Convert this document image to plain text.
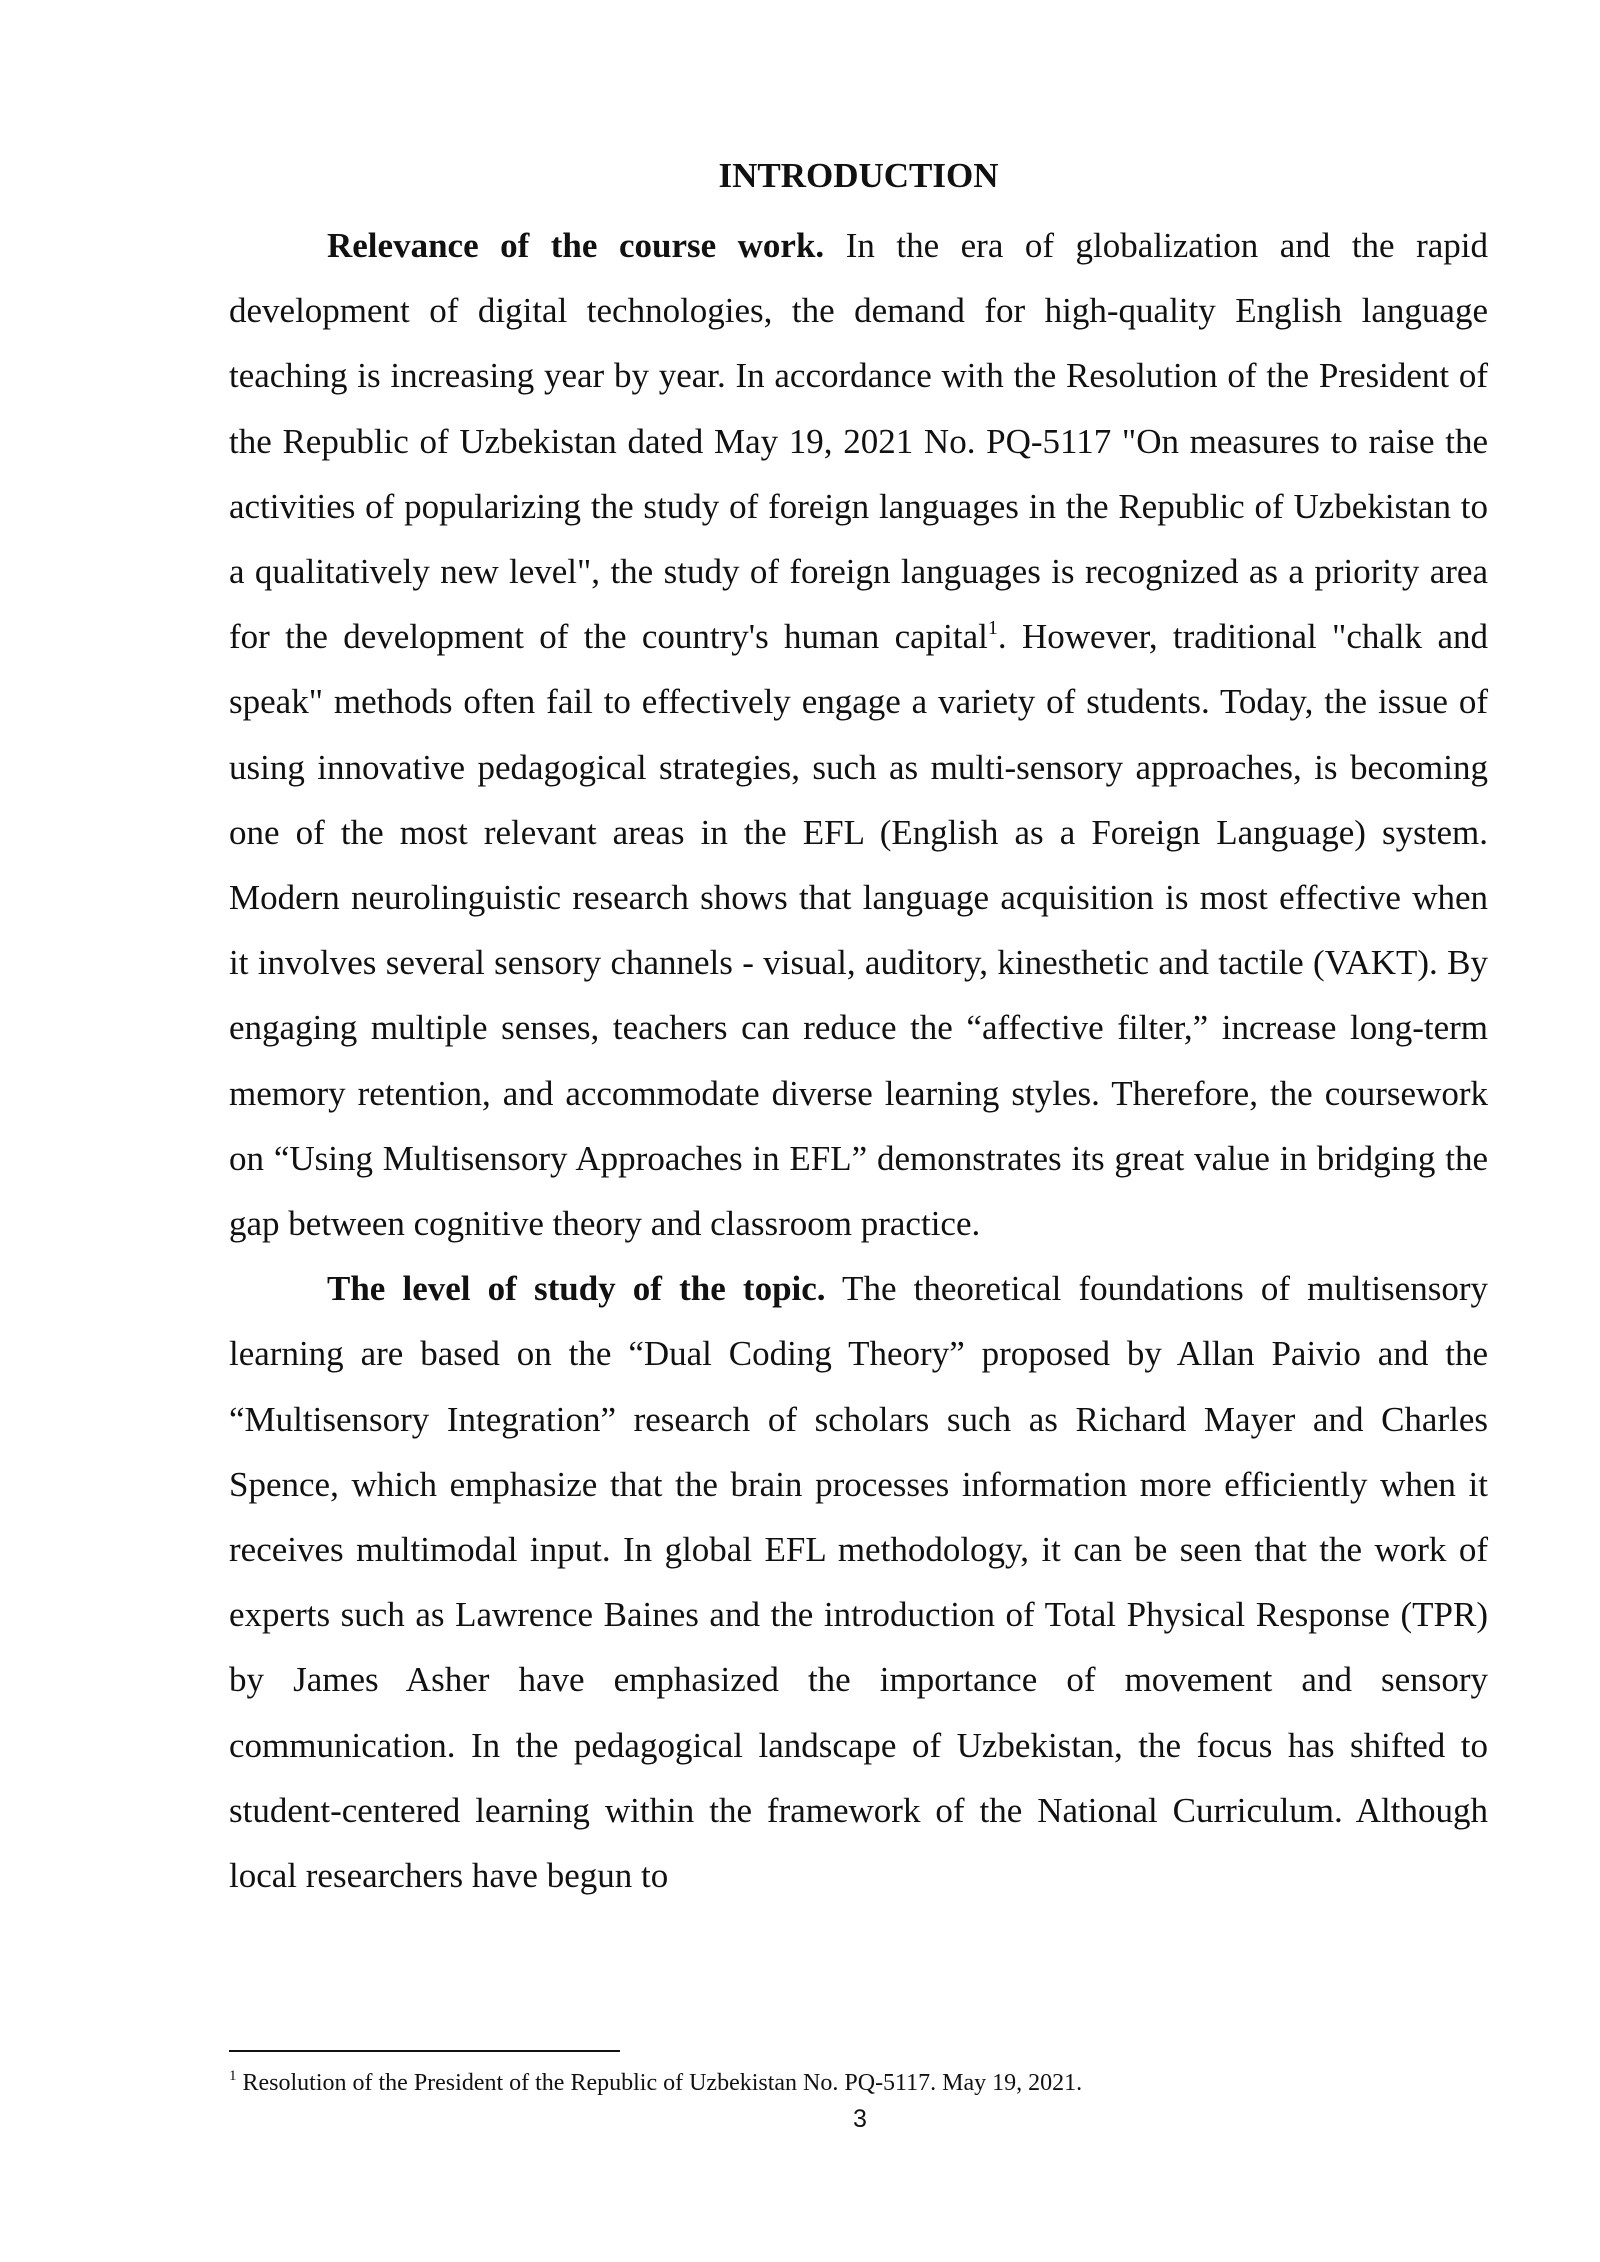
INTRODUCTION

Relevance of the course work. In the era of globalization and the rapid development of digital technologies, the demand for high-quality English language teaching is increasing year by year. In accordance with the Resolution of the President of the Republic of Uzbekistan dated May 19, 2021 No. PQ-5117 "On measures to raise the activities of popularizing the study of foreign languages in the Republic of Uzbekistan to a qualitatively new level", the study of foreign languages is recognized as a priority area for the development of the country's human capital$^1$. However, traditional "chalk and speak" methods often fail to effectively engage a variety of students. Today, the issue of using innovative pedagogical strategies, such as multi-sensory approaches, is becoming one of the most relevant areas in the EFL (English as a Foreign Language) system. Modern neurolinguistic research shows that language acquisition is most effective when it involves several sensory channels - visual, auditory, kinesthetic and tactile (VAKT). By engaging multiple senses, teachers can reduce the “affective filter,” increase long-term memory retention, and accommodate diverse learning styles. Therefore, the coursework on “Using Multisensory Approaches in EFL” demonstrates its great value in bridging the gap between cognitive theory and classroom practice.

The level of study of the topic. The theoretical foundations of multisensory learning are based on the “Dual Coding Theory” proposed by Allan Paivio and the “Multisensory Integration” research of scholars such as Richard Mayer and Charles Spence, which emphasize that the brain processes information more efficiently when it receives multimodal input. In global EFL methodology, it can be seen that the work of experts such as Lawrence Baines and the introduction of Total Physical Response (TPR) by James Asher have emphasized the importance of movement and sensory communication. In the pedagogical landscape of Uzbekistan, the focus has shifted to student-centered learning within the framework of the National Curriculum. Although local researchers have begun to

$^1$ Resolution of the President of the Republic of Uzbekistan No. PQ-5117. May 19, 2021.
3
